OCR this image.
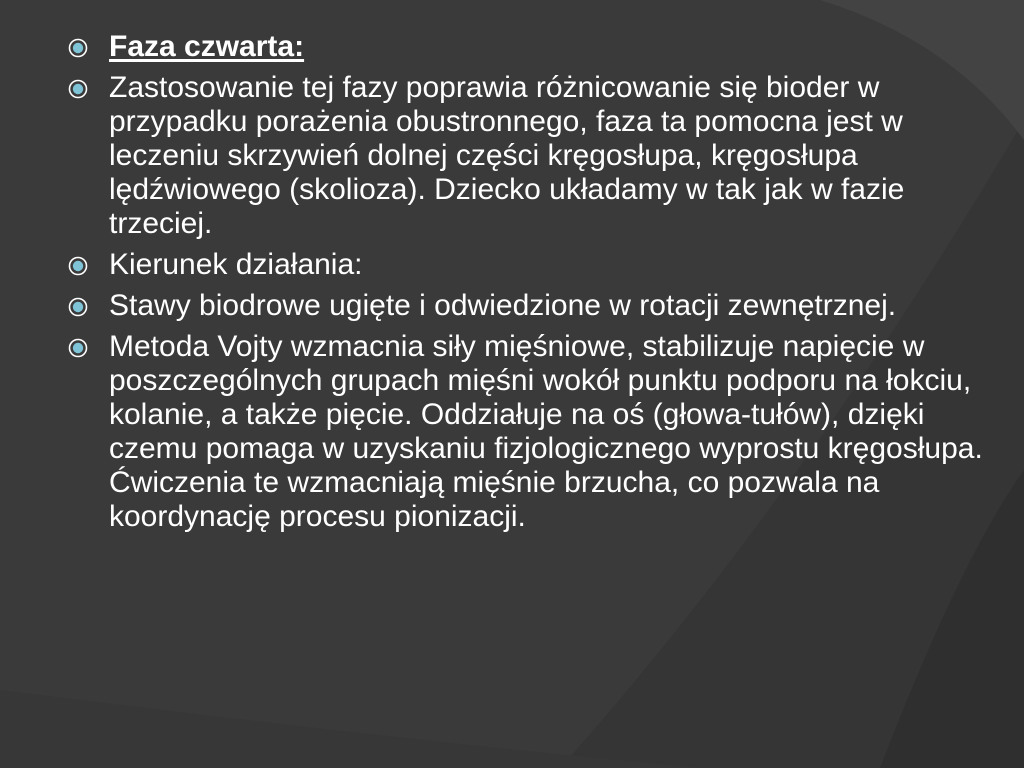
Faza czwarta:
Zastosowanie tej fazy poprawia różnicowanie się bioder w przypadku porażenia obustronnego, faza ta pomocna jest w leczeniu skrzywień dolnej części kręgosłupa, kręgosłupa lędźwiowego (skolioza). Dziecko układamy w tak jak w fazie trzeciej.
Kierunek działania:
Stawy biodrowe ugięte i odwiedzione w rotacji zewnętrznej.
Metoda Vojty wzmacnia siły mięśniowe, stabilizuje napięcie w poszczególnych grupach mięśni wokół punktu podporu na łokciu, kolanie, a także pięcie. Oddziałuje na oś (głowa-tułów), dzięki czemu pomaga w uzyskaniu fizjologicznego wyprostu kręgosłupa. Ćwiczenia te wzmacniają mięśnie brzucha, co pozwala na koordynację procesu pionizacji.
